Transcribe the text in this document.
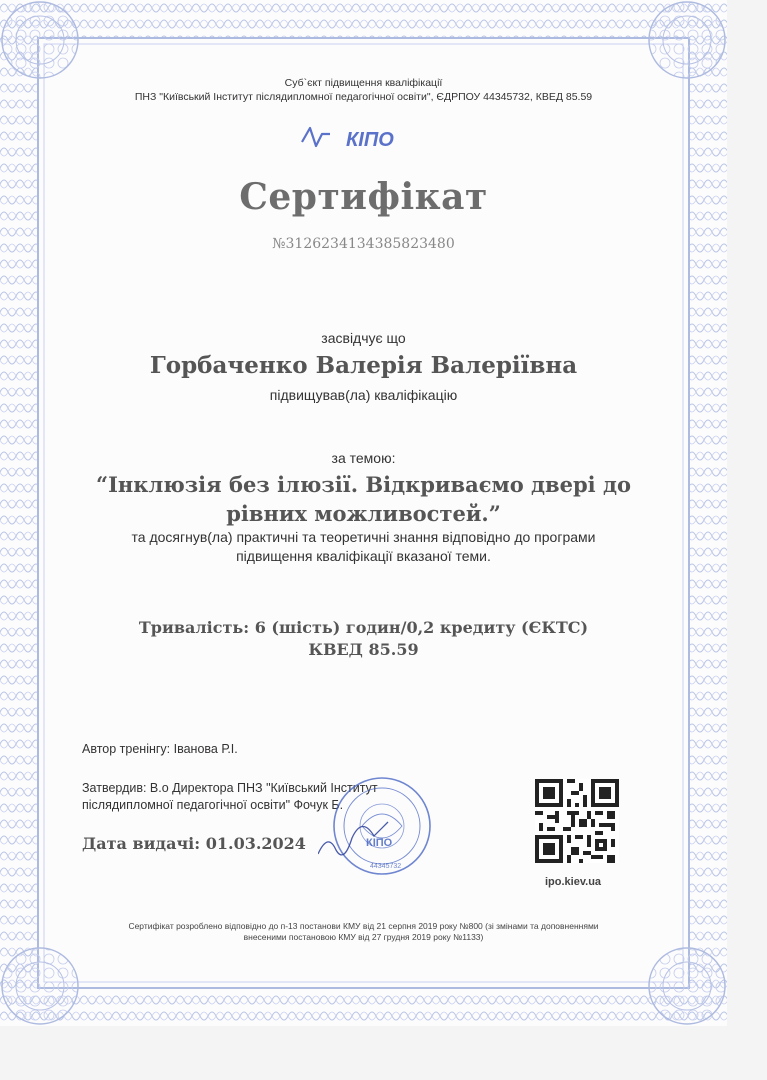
Суб`єкт підвищення кваліфікації
ПНЗ "Київський Інститут післядипломної педагогічної освіти", ЄДРПОУ 44345732, КВЕД 85.59
КІПО
Сертифікат
№3126234134385823480
засвідчує що
Горбаченко Валерія Валеріївна
підвищував(ла) кваліфікацію
за темою:
“Інклюзія без ілюзії. Відкриваємо двері до
рівних можливостей.”
та досягнув(ла) практичні та теоретичні знання відповідно до програми
підвищення кваліфікації вказаної теми.
Тривалість: 6 (шість) годин/0,2 кредиту (ЄКТС)
КВЕД 85.59
Автор тренінгу: Іванова Р.І.
Затвердив: В.о Директора ПНЗ "Київський Інститут
післядипломної педагогічної освіти" Фочук Б.
КІПО
44345732
Дата видачі: 01.03.2024
ipo.kiev.ua
Сертифікат розроблено відповідно до п-13 постанови КМУ від 21 серпня 2019 року №800 (зі змінами та доповненнями
внесеними постановою КМУ від 27 грудня 2019 року №1133)
